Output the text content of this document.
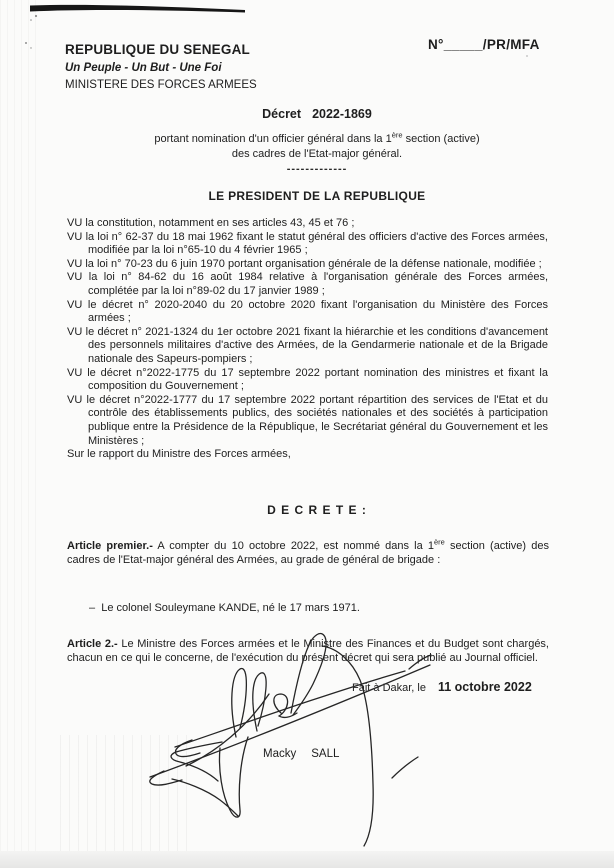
REPUBLIQUE DU SENEGAL
Un Peuple - Un But - Une Foi
MINISTERE DES FORCES ARMEES
N°_____/PR/MFA
Décret 2022-1869
portant nomination d'un officier général dans la 1ère section (active)
des cadres de l'Etat-major général.
-------------
LE PRESIDENT DE LA REPUBLIQUE
VU la constitution, notamment en ses articles 43, 45 et 76 ;
VU la loi n° 62-37 du 18 mai 1962 fixant le statut général des officiers d'active des Forces armées, modifiée par la loi n°65-10 du 4 février 1965 ;
VU la loi n° 70-23 du 6 juin 1970 portant organisation générale de la défense nationale, modifiée ;
VU la loi n° 84-62 du 16 août 1984 relative à l'organisation générale des Forces armées, complétée par la loi n°89-02 du 17 janvier 1989 ;
VU le décret n° 2020-2040 du 20 octobre 2020 fixant l'organisation du Ministère des Forces armées ;
VU le décret n° 2021-1324 du 1er octobre 2021 fixant la hiérarchie et les conditions d'avancement des personnels militaires d'active des Armées, de la Gendarmerie nationale et de la Brigade nationale des Sapeurs-pompiers ;
VU le décret n°2022-1775 du 17 septembre 2022 portant nomination des ministres et fixant la composition du Gouvernement ;
VU le décret n°2022-1777 du 17 septembre 2022 portant répartition des services de l'Etat et du contrôle des établissements publics, des sociétés nationales et des sociétés à participation publique entre la Présidence de la République, le Secrétariat général du Gouvernement et les Ministères ;
Sur le rapport du Ministre des Forces armées,
D E C R E T E :
Article premier.- A compter du 10 octobre 2022, est nommé dans la 1ère section (active) des cadres de l'Etat-major général des Armées, au grade de général de brigade :
– Le colonel Souleymane KANDE, né le 17 mars 1971.
Article 2.- Le Ministre des Forces armées et le Ministre des Finances et du Budget sont chargés, chacun en ce qui le concerne, de l'exécution du présent décret qui sera publié au Journal officiel.
Fait à Dakar, le 11 octobre 2022
Macky SALL
